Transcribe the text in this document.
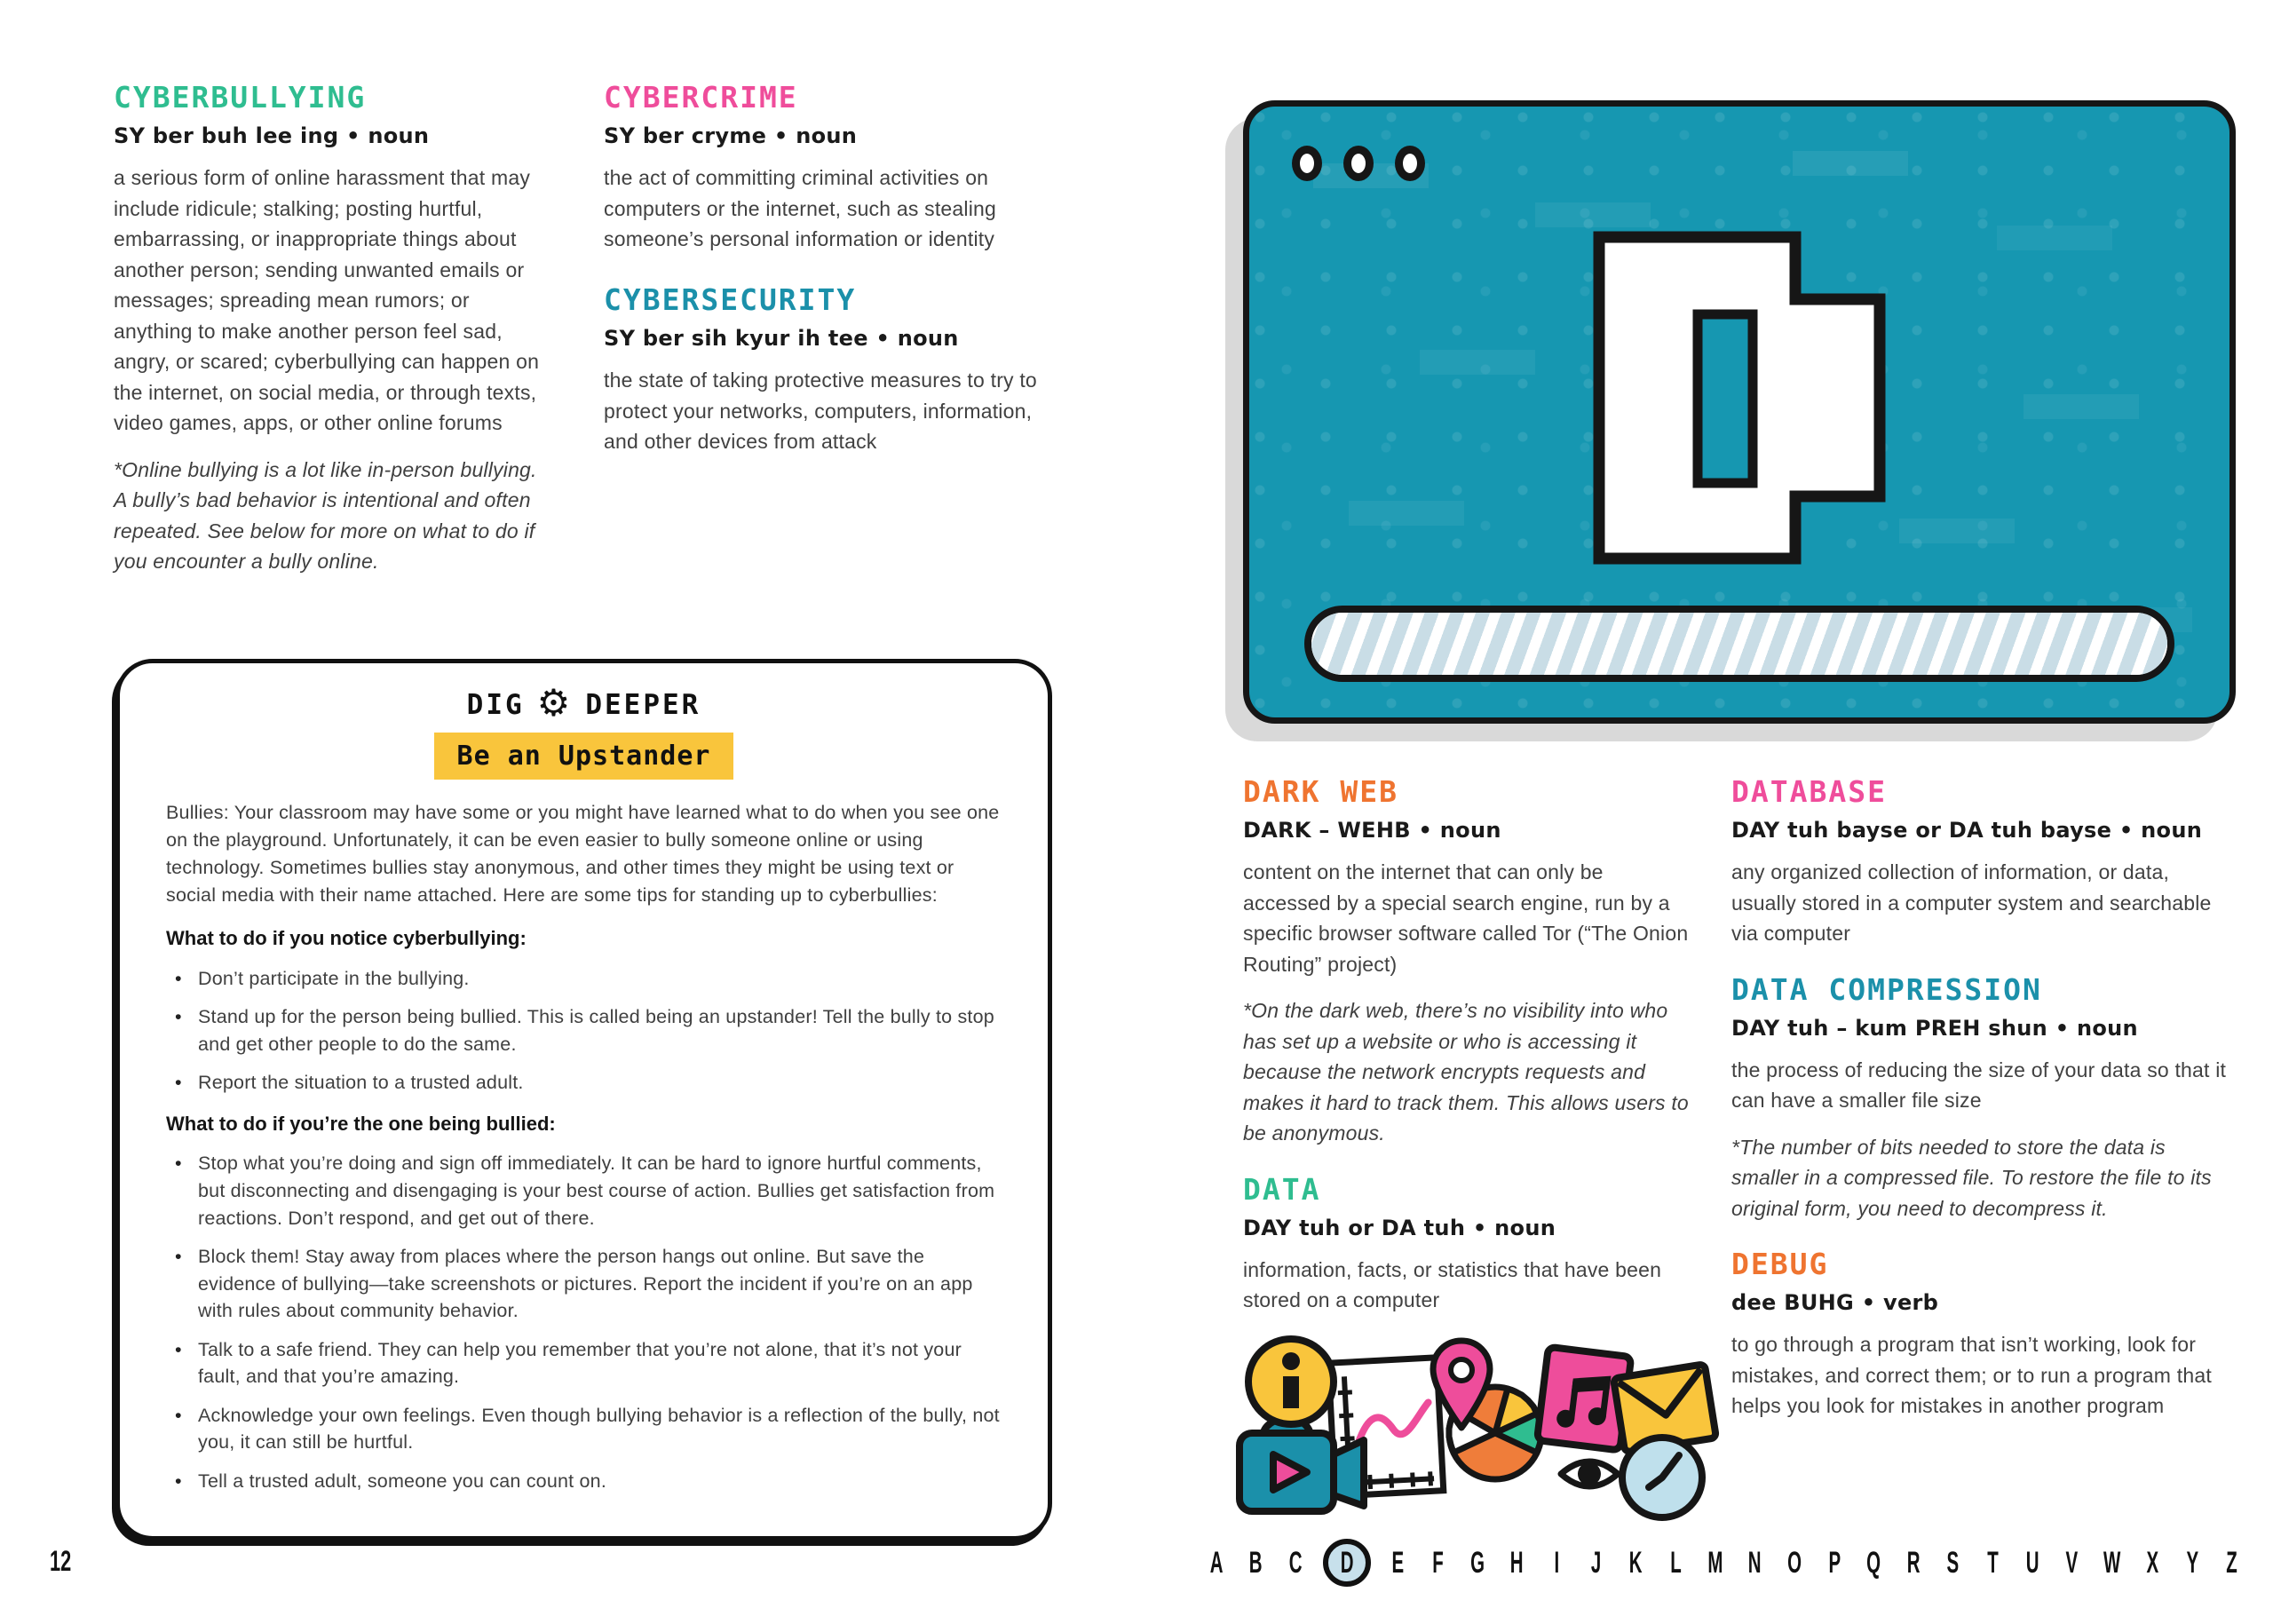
CYBERBULLYING

SY ber buh lee ing • noun

a serious form of online harassment that may include ridicule; stalking; posting hurtful, embarrassing, or inappropriate things about another person; sending unwanted emails or messages; spreading mean rumors; or anything to make another person feel sad, angry, or scared; cyberbullying can happen on the internet, on social media, or through texts, video games, apps, or other online forums

*Online bullying is a lot like in-person bullying. A bully’s bad behavior is intentional and often repeated. See below for more on what to do if you encounter a bully online.

CYBERCRIME

SY ber cryme • noun

the act of committing criminal activities on computers or the internet, such as stealing someone’s personal information or identity

CYBERSECURITY

SY ber sih kyur ih tee • noun

the state of taking protective measures to try to protect your networks, computers, information, and other devices from attack

DIG ⚙ DEEPER
Be an Upstander

Bullies: Your classroom may have some or you might have learned what to do when you see one on the playground. Unfortunately, it can be even easier to bully someone online or using technology. Sometimes bullies stay anonymous, and other times they might be using text or social media with their name attached. Here are some tips for standing up to cyberbullies:

What to do if you notice cyberbullying:

• Don’t participate in the bullying.
• Stand up for the person being bullied. This is called being an upstander! Tell the bully to stop and get other people to do the same.
• Report the situation to a trusted adult.

What to do if you’re the one being bullied:

• Stop what you’re doing and sign off immediately. It can be hard to ignore hurtful comments, but disconnecting and disengaging is your best course of action. Bullies get satisfaction from reactions. Don’t respond, and get out of there.
• Block them! Stay away from places where the person hangs out online. But save the evidence of bullying—take screenshots or pictures. Report the incident if you’re on an app with rules about community behavior.
• Talk to a safe friend. They can help you remember that you’re not alone, that it’s not your fault, and that you’re amazing.
• Acknowledge your own feelings. Even though bullying behavior is a reflection of the bully, not you, it can still be hurtful.
• Tell a trusted adult, someone you can count on.
12
DARK WEB

DARK – WEHB • noun

content on the internet that can only be accessed by a special search engine, run by a specific browser software called Tor (“The Onion Routing” project)

*On the dark web, there’s no visibility into who has set up a website or who is accessing it because the network encrypts requests and makes it hard to track them. This allows users to be anonymous.

DATA

DAY tuh or DA tuh • noun

information, facts, or statistics that have been stored on a computer

DATABASE

DAY tuh bayse or DA tuh bayse • noun

any organized collection of information, or data, usually stored in a computer system and searchable via computer

DATA COMPRESSION

DAY tuh – kum PREH shun • noun

the process of reducing the size of your data so that it can have a smaller file size

*The number of bits needed to store the data is smaller in a compressed file. To restore the file to its original form, you need to decompress it.

DEBUG

dee BUHG • verb

to go through a program that isn’t working, look for mistakes, and correct them; or to run a program that helps you look for mistakes in another program

A B C D E F G H I J K L M N O P Q R S T U V W X Y Z
